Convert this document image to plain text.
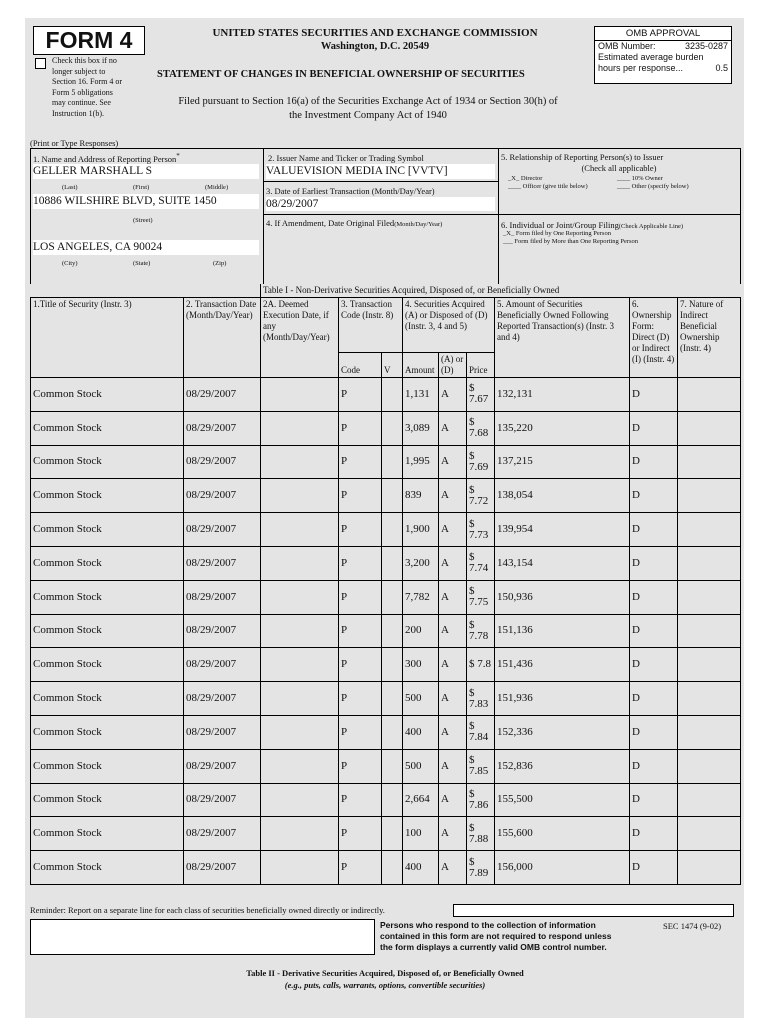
FORM 4
Check this box if no
longer subject to
Section 16. Form 4 or
Form 5 obligations
may continue. See
Instruction 1(b).
UNITED STATES SECURITIES AND EXCHANGE COMMISSION
Washington, D.C. 20549
STATEMENT OF CHANGES IN BENEFICIAL OWNERSHIP OF SECURITIES
Filed pursuant to Section 16(a) of the Securities Exchange Act of 1934 or Section 30(h) of
the Investment Company Act of 1940
OMB APPROVAL
OMB Number:	3235-0287
Estimated average burden
hours per response...	0.5
(Print or Type Responses)
1. Name and Address of Reporting Person*
GELLER MARSHALL S
(Last)	(First)	(Middle)
10886 WILSHIRE BLVD, SUITE 1450
(Street)
LOS ANGELES, CA 90024
(City)	(State)	(Zip)
2. Issuer Name and Ticker or Trading Symbol
VALUEVISION MEDIA INC [VVTV]
3. Date of Earliest Transaction (Month/Day/Year)
08/29/2007
4. If Amendment, Date Original Filed(Month/Day/Year)
5. Relationship of Reporting Person(s) to Issuer
(Check all applicable)
_X_ Director	____ 10% Owner
____ Officer (give title below)	____ Other (specify below)
6. Individual or Joint/Group Filing(Check Applicable Line)
_X_ Form filed by One Reporting Person
___ Form filed by More than One Reporting Person
		Table I - Non-Derivative Securities Acquired, Disposed of, or Beneficially Owned								
1.Title of Security (Instr. 3)	2. Transaction Date (Month/Day/Year)	2A. Deemed Execution Date, if any (Month/Day/Year)	3. Transaction Code (Instr. 8)		4. Securities Acquired (A) or Disposed of (D) (Instr. 3, 4 and 5)			5. Amount of Securities Beneficially Owned Following Reported Transaction(s) (Instr. 3 and 4)	6. Ownership Form: Direct (D) or Indirect (I) (Instr. 4)	7. Nature of Indirect Beneficial Ownership (Instr. 4)
			Code	V	Amount	(A) or (D)	Price			
Common Stock	08/29/2007		P		1,131	A	$ 7.67	132,131	D	
Common Stock	08/29/2007		P		3,089	A	$ 7.68	135,220	D	
Common Stock	08/29/2007		P		1,995	A	$ 7.69	137,215	D	
Common Stock	08/29/2007		P		839	A	$ 7.72	138,054	D	
Common Stock	08/29/2007		P		1,900	A	$ 7.73	139,954	D	
Common Stock	08/29/2007		P		3,200	A	$ 7.74	143,154	D	
Common Stock	08/29/2007		P		7,782	A	$ 7.75	150,936	D	
Common Stock	08/29/2007		P		200	A	$ 7.78	151,136	D	
Common Stock	08/29/2007		P		300	A	$ 7.8	151,436	D	
Common Stock	08/29/2007		P		500	A	$ 7.83	151,936	D	
Common Stock	08/29/2007		P		400	A	$ 7.84	152,336	D	
Common Stock	08/29/2007		P		500	A	$ 7.85	152,836	D	
Common Stock	08/29/2007		P		2,664	A	$ 7.86	155,500	D	
Common Stock	08/29/2007		P		100	A	$ 7.88	155,600	D	
Common Stock	08/29/2007		P		400	A	$ 7.89	156,000	D	
Reminder: Report on a separate line for each class of securities beneficially owned directly or indirectly.
Persons who respond to the collection of information
contained in this form are not required to respond unless
the form displays a currently valid OMB control number.
SEC 1474 (9-02)
Table II - Derivative Securities Acquired, Disposed of, or Beneficially Owned
(e.g., puts, calls, warrants, options, convertible securities)
